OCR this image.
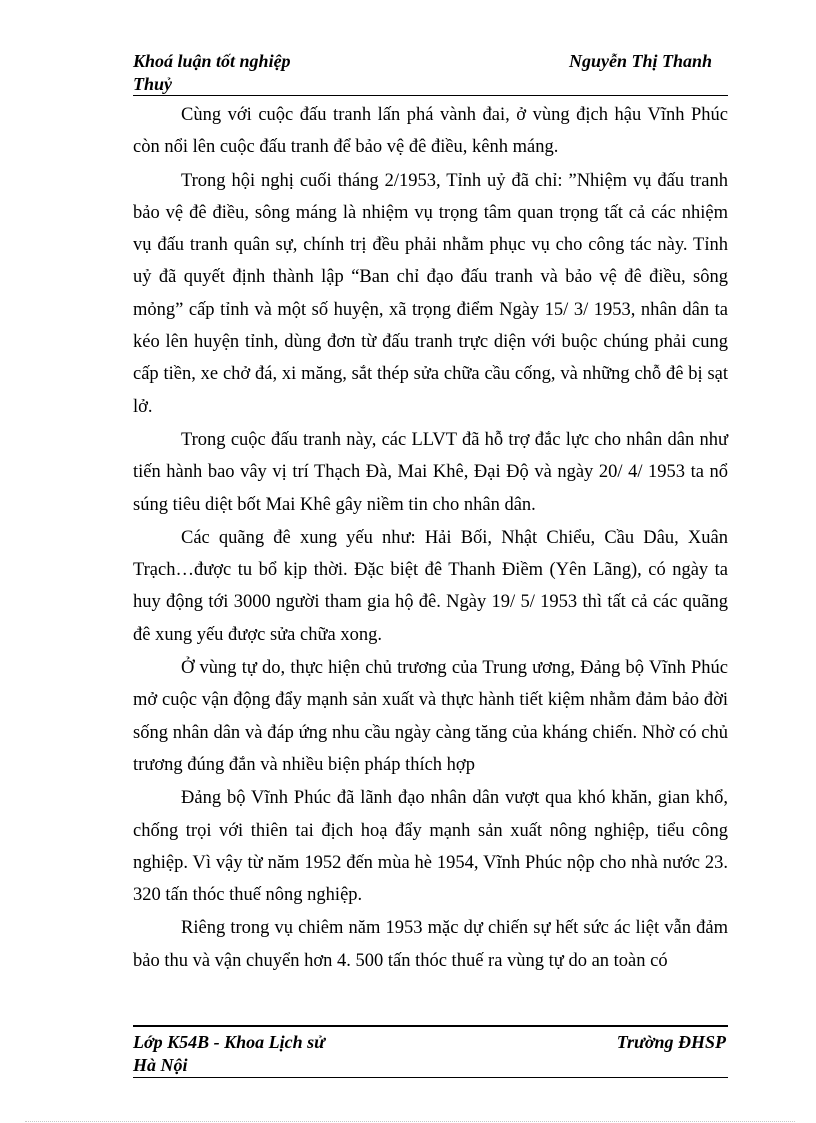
Khoá luận tốt nghiệp
Thuỷ
Nguyễn Thị Thanh

Cùng với cuộc đấu tranh lấn phá vành đai, ở vùng địch hậu Vĩnh Phúc còn nổi lên cuộc đấu tranh để bảo vệ đê điều, kênh máng.

Trong hội nghị cuối tháng 2/1953, Tỉnh uỷ đã chỉ: ”Nhiệm vụ đấu tranh bảo vệ đê điều, sông máng là nhiệm vụ trọng tâm quan trọng tất cả các nhiệm vụ đấu tranh quân sự, chính trị đều phải nhằm phục vụ cho công tác này. Tỉnh uỷ đã quyết định thành lập “Ban chỉ đạo đấu tranh và bảo vệ đê điều, sông mỏng” cấp tỉnh và một số huyện, xã trọng điểm Ngày 15/ 3/ 1953, nhân dân ta kéo lên huyện tỉnh, dùng đơn từ đấu tranh trực diện với buộc chúng phải cung cấp tiền, xe chở đá, xi măng, sắt thép sửa chữa cầu cống, và những chỗ đê bị sạt lở.

Trong cuộc đấu tranh này, các LLVT đã hỗ trợ đắc lực cho nhân dân như tiến hành bao vây vị trí Thạch Đà, Mai Khê, Đại Độ và ngày 20/ 4/ 1953 ta nổ súng tiêu diệt bốt Mai Khê gây niềm tin cho nhân dân.

Các quãng đê xung yếu như: Hải Bối, Nhật Chiểu, Cầu Dâu, Xuân Trạch…được tu bổ kịp thời. Đặc biệt đê Thanh Điềm (Yên Lãng), có ngày ta huy động tới 3000 người tham gia hộ đê. Ngày 19/ 5/ 1953 thì tất cả các quãng đê xung yếu được sửa chữa xong.

Ở vùng tự do, thực hiện chủ trương của Trung ương, Đảng bộ Vĩnh Phúc mở cuộc vận động đẩy mạnh sản xuất và thực hành tiết kiệm nhằm đảm bảo đời sống nhân dân và đáp ứng nhu cầu ngày càng tăng của kháng chiến. Nhờ có chủ trương đúng đắn và nhiều biện pháp thích hợp

Đảng bộ Vĩnh Phúc đã lãnh đạo nhân dân vượt qua khó khăn, gian khổ, chống trọi với thiên tai địch hoạ đẩy mạnh sản xuất nông nghiệp, tiểu công nghiệp. Vì vậy từ năm 1952 đến mùa hè 1954, Vĩnh Phúc nộp cho nhà nước 23. 320 tấn thóc thuế nông nghiệp.

Riêng trong vụ chiêm năm 1953 mặc dự chiến sự hết sức ác liệt vẫn đảm bảo thu và vận chuyển hơn 4. 500 tấn thóc thuế ra vùng tự do an toàn có

Lớp K54B - Khoa Lịch sử
Hà Nội
Trường ĐHSP
